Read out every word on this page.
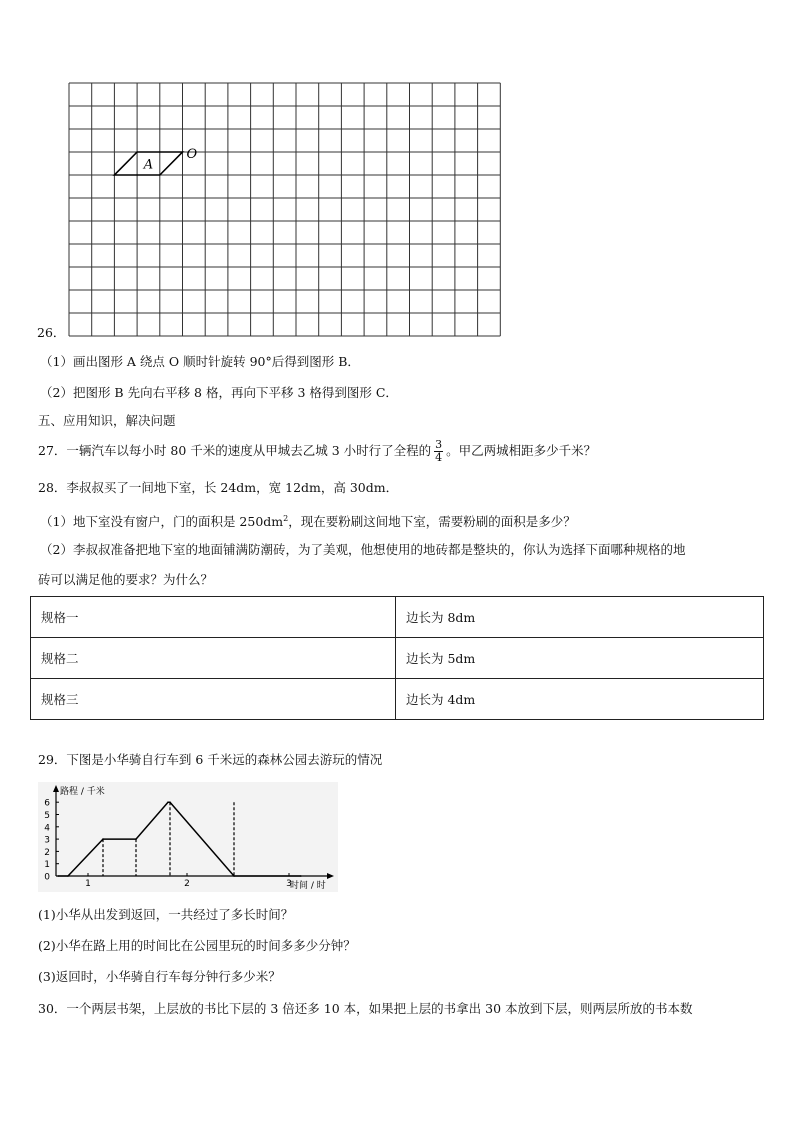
A
O
26．
（1）画出图形 A 绕点 O 顺时针旋转 90°后得到图形 B．
（2）把图形 B 先向右平移 8 格，再向下平移 3 格得到图形 C．
五、应用知识，解决问题
27．一辆汽车以每小时 80 千米的速度从甲城去乙城 3 小时行了全程的 $\frac{3}{4}$ 。甲乙两城相距多少千米？
28．李叔叔买了一间地下室，长 24dm，宽 12dm，高 30dm．
（1）地下室没有窗户，门的面积是 $250dm^2$，现在要粉刷这间地下室，需要粉刷的面积是多少？
（2）李叔叔准备把地下室的地面铺满防潮砖，为了美观，他想使用的地砖都是整块的，你认为选择下面哪种规格的地
砖可以满足他的要求？为什么？
规格一	边长为 8dm
规格二	边长为 5dm
规格三	边长为 4dm
29．下图是小华骑自行车到 6 千米远的森林公园去游玩的情况
0
1
2
3
4
5
6
1	2	3
路程 / 千米
时间 / 时
(1)小华从出发到返回，一共经过了多长时间？
(2)小华在路上用的时间比在公园里玩的时间多多少分钟？
(3)返回时，小华骑自行车每分钟行多少米？
30．一个两层书架，上层放的书比下层的 3 倍还多 10 本，如果把上层的书拿出 30 本放到下层，则两层所放的书本数
